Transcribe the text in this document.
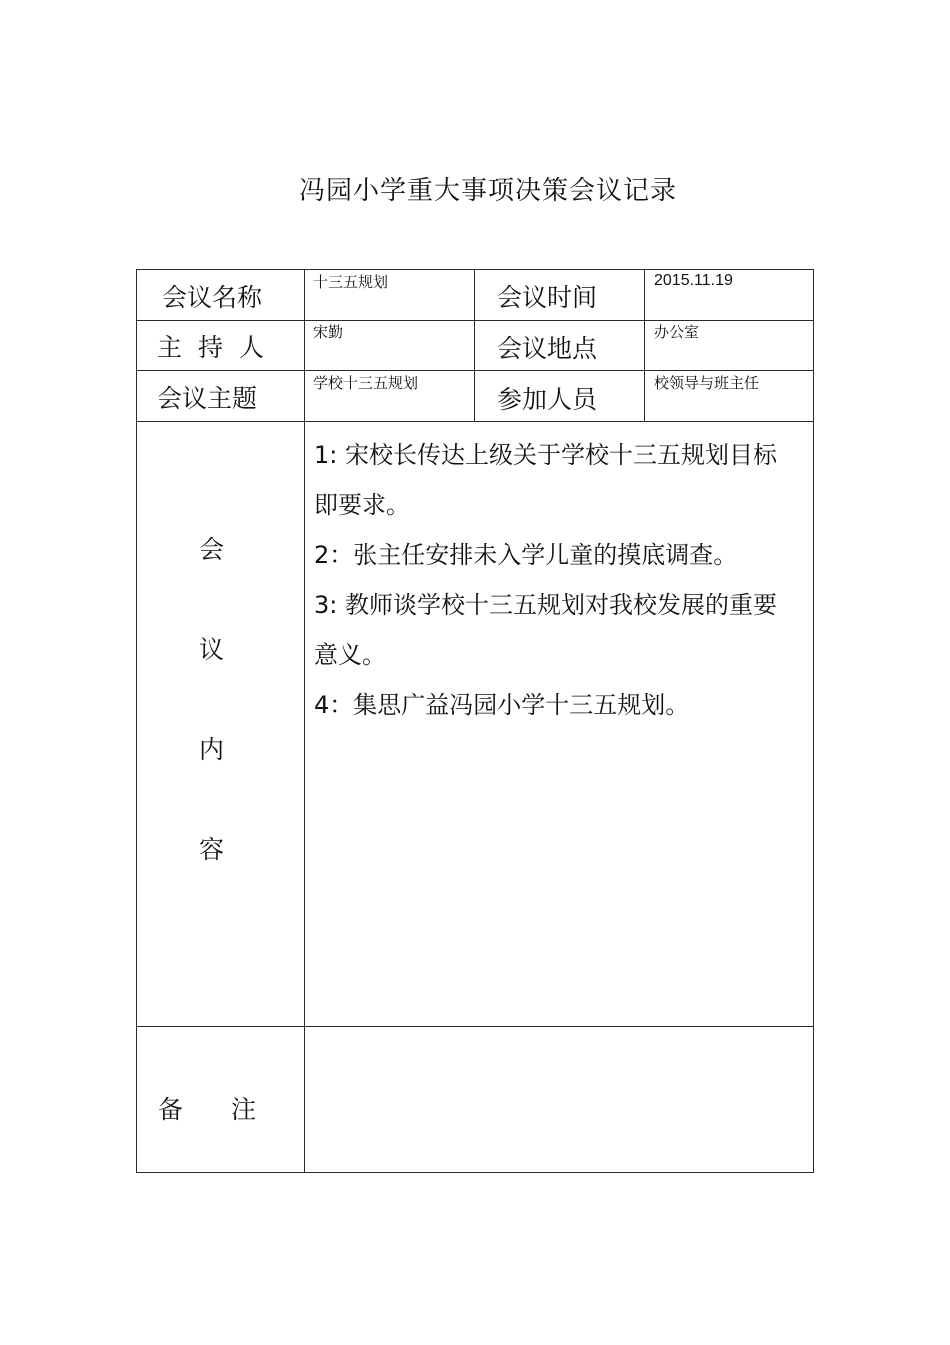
冯园小学重大事项决策会议记录
会议名称
十三五规划
会议时间
2015.11.19
主 持 人
宋勤
会议地点
办公室
会议主题
学校十三五规划
参加人员
校领导与班主任
会
议
内
容

1: 宋校长传达上级关于学校十三五规划目标即要求。

2：张主任安排未入学儿童的摸底调查。

3: 教师谈学校十三五规划对我校发展的重要意义。

4：集思广益冯园小学十三五规划。

备 注
